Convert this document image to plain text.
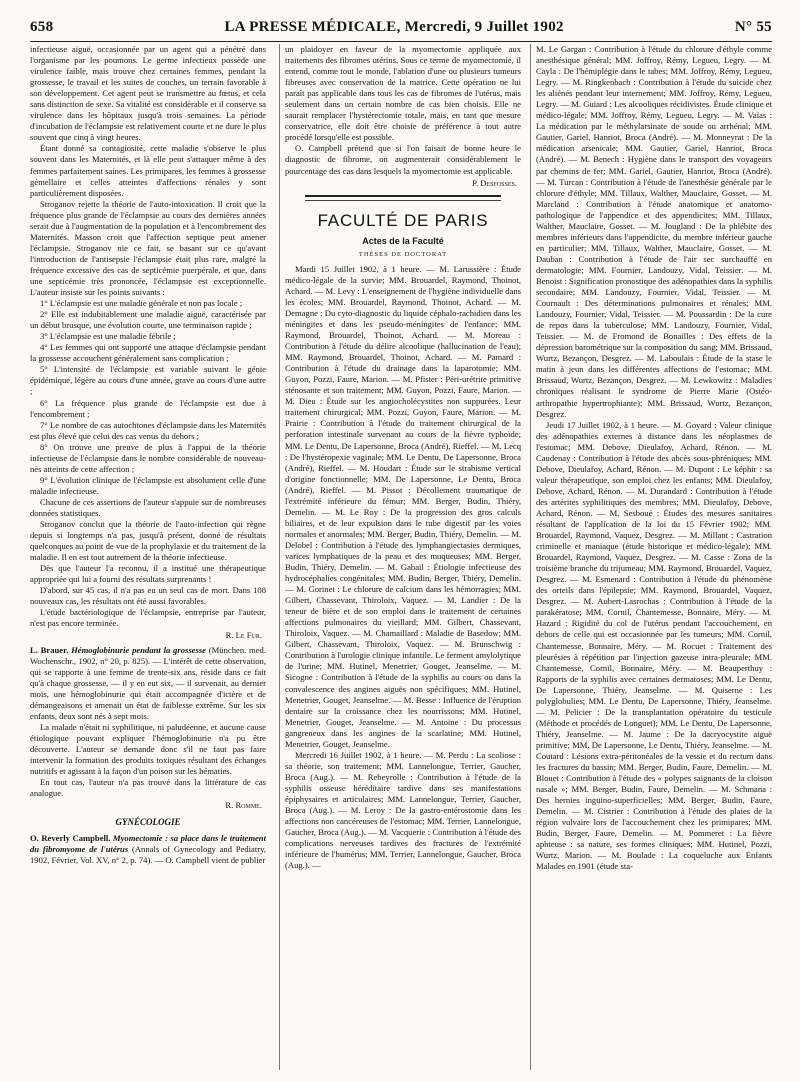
658	LA PRESSE MÉDICALE, Mercredi, 9 Juillet 1902	N° 55

infectieuse aiguë, occasionnée par un agent qui a pénétré dans l'organisme par les poumons. Le germe infectieux possède une virulence faible, mais trouve chez certaines femmes, pendant la grossesse, le travail et les suites de couches, un terrain favorable à son développement. Cet agent peut se transmettre au fœtus, et cela sans distinction de sexe. Sa vitalité est considérable et il conserve sa virulence dans les hôpitaux jusqu'à trois semaines. La période d'incubation de l'éclampsie est relativement courte et ne dure le plus souvent que cinq à vingt heures.

Étant donné sa contagiosité, cette maladie s'observe le plus souvent dans les Maternités, et là elle peut s'attaquer même à des femmes parfaitement saines. Les primipares, les femmes à grossesse gémellaire et celles atteintes d'affections rénales y sont particulièrement disposées.

Stroganov rejette la théorie de l'auto-intoxication. Il croit que la fréquence plus grande de l'éclampsie au cours des dernières années serait due à l'augmentation de la population et à l'encombrement des Maternités. Masson croit que l'affection septique peut amener l'éclampsie. Stroganov nie ce fait, se basant sur ce qu'avant l'introduction de l'antisepsie l'éclampsie était plus rare, malgré la fréquence excessive des cas de septicémie puerpérale, et que, dans une septicémie très prononcée, l'éclampsie est exceptionnelle. L'auteur insiste sur les points suivants :

1° L'éclampsie est une maladie générale et non pas locale ;

2° Elle est indubitablement une maladie aiguë, caractérisée par un début brusque, une évolution courte, une terminaison rapide ;

3° L'éclampsie est une maladie fébrile ;

4° Les femmes qui ont supporté une attaque d'éclampsie pendant la grossesse accouchent généralement sans complication ;

5° L'intensité de l'éclampsie est variable suivant le génie épidémique, légère au cours d'une année, grave au cours d'une autre ;

6° La fréquence plus grande de l'éclampsie est due à l'encombrement ;

7° Le nombre de cas autochtones d'éclampsie dans les Maternités est plus élevé que celui des cas venus du dehors ;

8° On trouve une preuve de plus à l'appui de la théorie infectieuse de l'éclampsie dans le nombre considérable de nouveau-nés atteints de cette affection ;

9° L'évolution clinique de l'éclampsie est absolument celle d'une maladie infectieuse.

Chacune de ces assertions de l'auteur s'appuie sur de nombreuses données statistiques.

Stroganov conclut que la théorie de l'auto-infection qui règne depuis si longtemps n'a pas, jusqu'à présent, donné de résultats quelconques au point de vue de la prophylaxie et du traitement de la maladie. Il en est tout autrement de la théorie infectieuse.

Dès que l'auteur l'a reconnu, il a institué une thérapeutique appropriée qui lui a fourni des résultats surprenants !

D'abord, sur 45 cas, il n'a pas eu un seul cas de mort. Dans 108 nouveaux cas, les résultats ont été aussi favorables.

L'étude bactériologique de l'éclampsie, entreprise par l'auteur, n'est pas encore terminée.

R. Le Fur.

L. Brauer. Hémoglobinurie pendant la grossesse (München. med. Wochenschr., 1902, n° 20, p. 825). — L'intérêt de cette observation, qui se rapporte à une femme de trente-six ans, réside dans ce fait qu'à chaque grossesse, — il y en eut six, — il survenait, au dernier mois, une hémoglobinurie qui était accompagnée d'ictère et de démangeaisons et amenait un état de faiblesse extrême. Sur les six enfants, deux sont nés à sept mois.

La malade n'était ni syphilitique, ni paludéenne, et aucune cause étiologique pouvant expliquer l'hémoglobinurie n'a pu être découverte. L'auteur se demande donc s'il ne faut pas faire intervenir la formation des produits toxiques résultant des échanges nutritifs et agissant à la façon d'un poison sur les hématies.

En tout cas, l'auteur n'a pas trouvé dans la littérature de cas analogue.

R. Romme.

GYNÉCOLOGIE

O. Reverly Campbell. Myomectomie : sa place dans le traitement du fibromyome de l'utérus (Annals of Gynecology and Pediatry, 1902, Février, Vol. XV, n° 2, p. 74). — O. Campbell vient de publier

un plaidoyer en faveur de la myomectomie appliquée aux traitements des fibromes utérins. Sous ce terme de myomectomie, il entend, comme tout le monde, l'ablation d'une ou plusieurs tumeurs fibreuses avec conservation de la matrice. Cette opération ne lui paraît pas applicable dans tous les cas de fibromes de l'utérus, mais seulement dans un certain nombre de cas bien choisis. Elle ne saurait remplacer l'hystérectomie totale, mais, en tant que mesure conservatrice, elle doit être choisie de préférence à tout autre procédé lorsqu'elle est possible.

O. Campbell prétend que si l'on faisait de bonne heure le diagnostic de fibrome, on augmenterait considérablement le pourcentage des cas dans lesquels la myomectomie est applicable.

P. Desfosses.

FACULTÉ DE PARIS

Actes de la Faculté

THÈSES DE DOCTORAT

Mardi 15 Juillet 1902, à 1 heure. — M. Larussière : Étude médico-légale de la survie; MM. Brouardel, Raymond, Thoinot, Achard. — M. Levy : L'enseignement de l'hygiène individuelle dans les écoles; MM. Brouardel, Raymond, Thoinot, Achard. — M. Demagne : Du cyto-diagnostic du liquide céphalo-rachidien dans les méningites et dans les pseudo-méningites de l'enfance; MM. Raymond, Brouardel, Thoinot, Achard. — M. Moreau : Contribution à l'étude du délire alcoolique (hallucination de l'eau); MM. Raymond, Brouardel, Thoinot, Achard. — M. Pamard : Contribution à l'étude du drainage dans la laparotomie; MM. Guyon, Pozzi, Faure, Marion. — M. Pfister : Péri-urétrite primitive sténosante et son traitement; MM. Guyon, Pozzi, Faure, Marion. — M. Dieu : Étude sur les angiocholécystites non suppurées. Leur traitement chirurgical; MM. Pozzi, Guyon, Faure, Marion. — M. Prairie : Contribution à l'étude du traitement chirurgical de la perforation intestinale survenant au cours de la fièvre typhoïde; MM. Le Dentu, De Lapersonne, Broca (André), Rieffel. — M. Lecq : De l'hystéropexie vaginale; MM. Le Dentu, De Lapersonne, Broca (André), Rieffel. — M. Houdart : Étude sur le strabisme vertical d'origine fonctionnelle; MM. De Lapersonne, Le Dentu, Broca (André), Rieffel. — M. Pissot : Décollement traumatique de l'extrémité inférieure du fémur; MM. Berger, Budin, Thiéry, Demelin. — M. Le Roy : De la progression des gros calculs biliaires, et de leur expulsion dans le tube digestif par les voies normales et anormales; MM. Berger, Budin, Thiéry, Demelin. — M. Delobel : Contribution à l'étude des lymphangiectasies dermiques, varices lymphatiques de la peau et des muqueuses; MM. Berger, Budin, Thiéry, Demelin. — M. Gabail : Étiologie infectieuse des hydrocéphalies congénitales; MM. Budin, Berger, Thiéry, Demelin. — M. Gorinet : Le chlorure de calcium dans les hémorragies; MM. Gilbert, Chassevant, Thiroloix, Vaquez. — M. Landier : De la teneur de bière et de son emploi dans le traitement de certaines affections pulmonaires du vieillard; MM. Gilbert, Chassevant, Thiroloix, Vaquez. — M. Chamaillard : Maladie de Basedow; MM. Gilbert, Chassevant, Thiroloix, Vaquez. — M. Brunschwig : Contribution à l'urologie clinique infantile. Le ferment amylolytique de l'urine; MM. Hutinel, Menetrier, Gouget, Jeanselme. — M. Sicogne : Contribution à l'étude de la syphilis au cours ou dans la convalescence des angines aiguës non spécifiques; MM. Hutinel, Menetrier, Gouget, Jeanselme. — M. Besse : Influence de l'éruption dentaire sur la croissance chez les nourrissons; MM. Hutinel, Menetrier, Gouget, Jeanselme. — M. Antoine : Du processus gangreneux dans les angines de la scarlatine; MM. Hutinel, Menetrier, Gouget, Jeanselme.

Mercredi 16 Juillet 1902, à 1 heure. — M. Perdu : La scoliose : sa théorie, son traitement; MM. Lannelongue, Terrier, Gaucher, Broca (Aug.). — M. Rebeyrolle : Contribution à l'étude de la syphilis osseuse héréditaire tardive dans ses manifestations épiphysaires et articulaires; MM. Lannelongue, Terrier, Gaucher, Broca (Aug.). — M. Leroy : De la gastro-entérostomie dans les affections non cancéreuses de l'estomac; MM. Terrier, Lannelongue, Gaucher, Broca (Aug.). — M. Vacquerie : Contribution à l'étude des complications nerveuses tardives des fractures de l'extrémité inférieure de l'humérus; MM. Terrier, Lannelongue, Gaucher, Broca (Aug.). —

M. Le Gargan : Contribution à l'étude du chlorure d'éthyle comme anesthésique général; MM. Joffroy, Rémy, Legueu, Legry. — M. Cayla : De l'hémiplégie dans le tabes; MM. Joffroy, Rémy, Legueu, Legry. — M. Ringkenbach : Contribution à l'étude du suicide chez les aliénés pendant leur internement; MM. Joffroy, Rémy, Legueu, Legry. — M. Guiard : Les alcooliques récidivistes. Étude clinique et médico-légale; MM. Joffroy, Rémy, Legueu, Legry. — M. Vaïas : La médication par le méthylarsinate de soude ou arrhénal; MM. Gautier, Gariel, Hanriot, Broca (André). — M. Monneyrat : De la médication arsenicale; MM. Gautier, Gariel, Hanriot, Broca (André). — M. Benech : Hygiène dans le transport des voyageurs par chemins de fer; MM. Gariel, Gautier, Hanriot, Broca (André). — M. Turcan : Contribution à l'étude de l'anesthésie générale par le chlorure d'éthyle; MM. Tillaux, Walther, Mauclaire, Gosset. — M. Marcland : Contribution à l'étude anatomique et anatomo-pathologique de l'appendice et des appendicites; MM. Tillaux, Walther, Mauclaire, Gosset. — M. Jougland : De la phlébite des membres inférieurs dans l'appendicite, du membre inférieur gauche en particulier; MM. Tillaux, Walther, Mauclaire, Gosset. — M. Dauban : Contribution à l'étude de l'air sec surchauffé en dermatologie; MM. Fournier, Landouzy, Vidal, Teissier. — M. Benoist : Signification pronostique des adénopathies dans la syphilis secondaire; MM. Landouzy, Fournier, Vidal, Teissier. — M. Cournault : Des déterminations pulmonaires et rénales; MM. Landouzy, Fournier, Vidal, Teissier. — M. Poussardin : De la cure de repos dans la tuberculose; MM. Landouzy, Fournier, Vidal, Teissier. — M. de Fromond de Bonailles : Des effets de la dépression barométrique sur la composition du sang; MM. Brissaud, Wurtz, Bezançon, Desgrez. — M. Laboulais : Étude de la stase le matin à jeun dans les différentes affections de l'estomac; MM. Brissaud, Wurtz, Bezançon, Desgrez. — M. Lewkowitz : Maladies chroniques réalisant le syndrome de Pierre Marie (Ostéo-arthropathie hypertrophiante); MM. Brissaud, Wurtz, Bezançon, Desgrez.

Jeudi 17 Juillet 1902, à 1 heure. — M. Goyard : Valeur clinique des adénopathies externes à distance dans les néoplasmes de l'estomac; MM. Debove, Dieulafoy, Achard, Rénon. — M. Caudenay : Contribution à l'étude des abcès sous-phréniques; MM. Debove, Dieulafoy, Achard, Rénon. — M. Dupont : Le képhir : sa valeur thérapeutique, son emploi chez les enfants; MM. Dieulafoy, Debove, Achard, Rénon. — M. Durandard : Contribution à l'étude des artérites syphilitiques des membres; MM. Dieulafoy, Debove, Achard, Rénon. — M. Sesboué : Études des mesures sanitaires résultant de l'application de la loi du 15 Février 1902; MM. Brouardel, Raymond, Vaquez, Desgrez. — M. Millant : Castration criminelle et maniaque (étude historique et médico-légale); MM. Brouardel, Raymond, Vaquez, Desgrez. — M. Casse : Zona de la troisième branche du trijumeau; MM. Raymond, Brouardel, Vaquez, Desgrez. — M. Esmenard : Contribution à l'étude du phénomène des orteils dans l'épilepsie; MM. Raymond, Brouardel, Vaquez, Desgrez. — M. Aubert-Lasrochas : Contribution à l'étude de la parakératose; MM. Cornil, Chantemesse, Bonnaire, Méry. — M. Hazard : Rigidité du col de l'utérus pendant l'accouchement, en dehors de celle qui est occasionnée par les tumeurs; MM. Cornil, Chantemesse, Bonnaire, Méry. — M. Rocuet : Traitement des pleurésies à répétition par l'injection gazeuse intra-pleurale; MM. Chantemesse, Cornil, Bonnaire, Méry. — M. Beauperthuy : Rapports de la syphilis avec certaines dermatoses; MM. Le Dentu, De Lapersonne, Thiéry, Jeanselme. — M. Quiserne : Les polyglobulies; MM. Le Dentu, De Lapersonne, Thiéry, Jeanselme. — M. Pelicier : De la transplantation opératoire du testicule (Méthode et procédés de Longuet); MM. Le Dentu, De Lapersonne, Thiéry, Jeanselme. — M. Jaume : De la dacryocystite aiguë primitive; MM. De Lapersonne, Le Dentu, Thiéry, Jeanselme. — M. Coutard : Lésions extra-péritonéales de la vessie et du rectum dans les fractures du bassin; MM. Berger, Budin, Faure, Demelin. — M. Blouet : Contribution à l'étude des « polypes saignants de la cloison nasale »; MM. Berger, Budin, Faure, Demelin. — M. Schmana : Des hernies inguino-superficielles; MM. Berger, Budin, Faure, Demelin. — M. Cistrier : Contribution à l'étude des plaies de la région vulvaire lors de l'accouchement chez les primipares; MM. Budin, Berger, Faure, Demelin. — M. Pommeret : La fièvre aphteuse : sa nature, ses formes cliniques; MM. Hutinel, Pozzi, Wurtz, Marion. — M. Boulade : La coqueluche aux Enfants Malades en 1901 (étude sta-
